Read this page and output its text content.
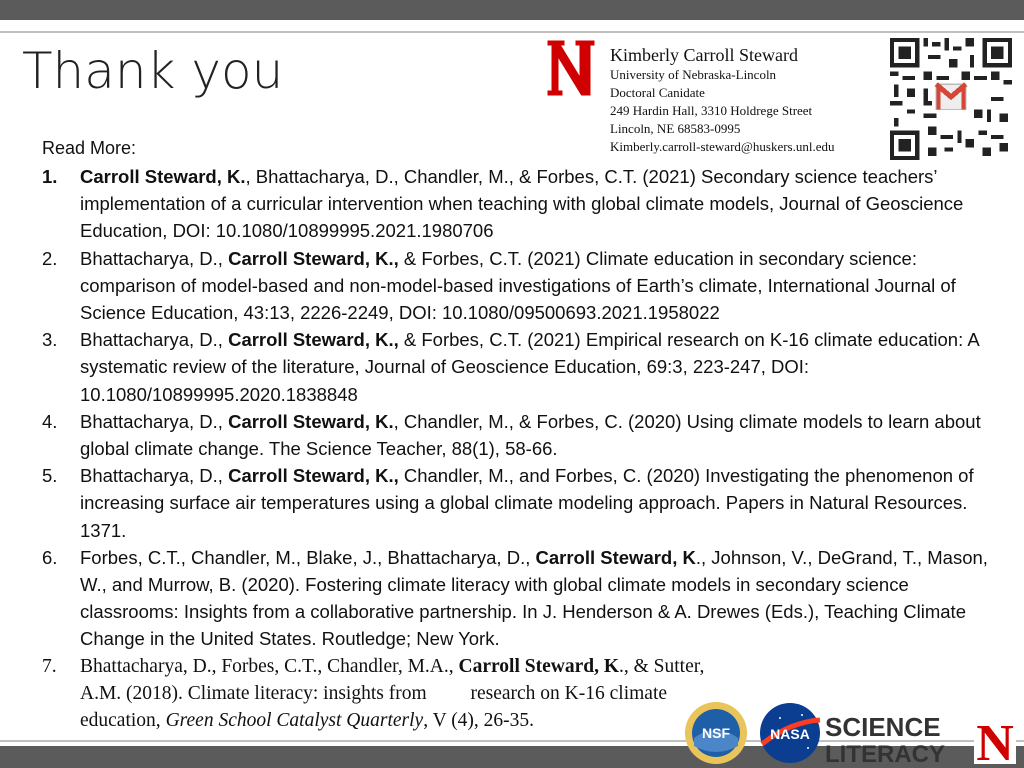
Thank you	Kimberly Carroll Steward
University of Nebraska-Lincoln
Doctoral Canidate
249 Hardin Hall, 3310 Holdrege Street
Lincoln, NE 68583-0995
Kimberly.carroll-steward@huskers.unl.edu
Read More:
1. Carroll Steward, K., Bhattacharya, D., Chandler, M., & Forbes, C.T. (2021) Secondary science teachers’ implementation of a curricular intervention when teaching with global climate models, Journal of Geoscience Education, DOI: 10.1080/10899995.2021.1980706
2. Bhattacharya, D., Carroll Steward, K., & Forbes, C.T. (2021) Climate education in secondary science: comparison of model-based and non-model-based investigations of Earth’s climate, International Journal of Science Education, 43:13, 2226-2249, DOI: 10.1080/09500693.2021.1958022
3. Bhattacharya, D., Carroll Steward, K., & Forbes, C.T. (2021) Empirical research on K-16 climate education: A systematic review of the literature, Journal of Geoscience Education, 69:3, 223-247, DOI: 10.1080/10899995.2020.1838848
4. Bhattacharya, D., Carroll Steward, K., Chandler, M., & Forbes, C. (2020) Using climate models to learn about global climate change. The Science Teacher, 88(1), 58-66.
5. Bhattacharya, D., Carroll Steward, K., Chandler, M., and Forbes, C. (2020) Investigating the phenomenon of increasing surface air temperatures using a global climate modeling approach. Papers in Natural Resources. 1371.
6. Forbes, C.T., Chandler, M., Blake, J., Bhattacharya, D., Carroll Steward, K., Johnson, V., DeGrand, T., Mason, W., and Murrow, B. (2020). Fostering climate literacy with global climate models in secondary science classrooms: Insights from a collaborative partnership. In J. Henderson & A. Drewes (Eds.), Teaching Climate Change in the United States. Routledge; New York.
7. Bhattacharya, D., Forbes, C.T., Chandler, M.A., Carroll Steward, K., & Sutter, A.M. (2018). Climate literacy: insights from         research on K-16 climate education, Green School Catalyst Quarterly, V (4), 26-35.
NSF	NASA SCIENCE
LITERACY N
